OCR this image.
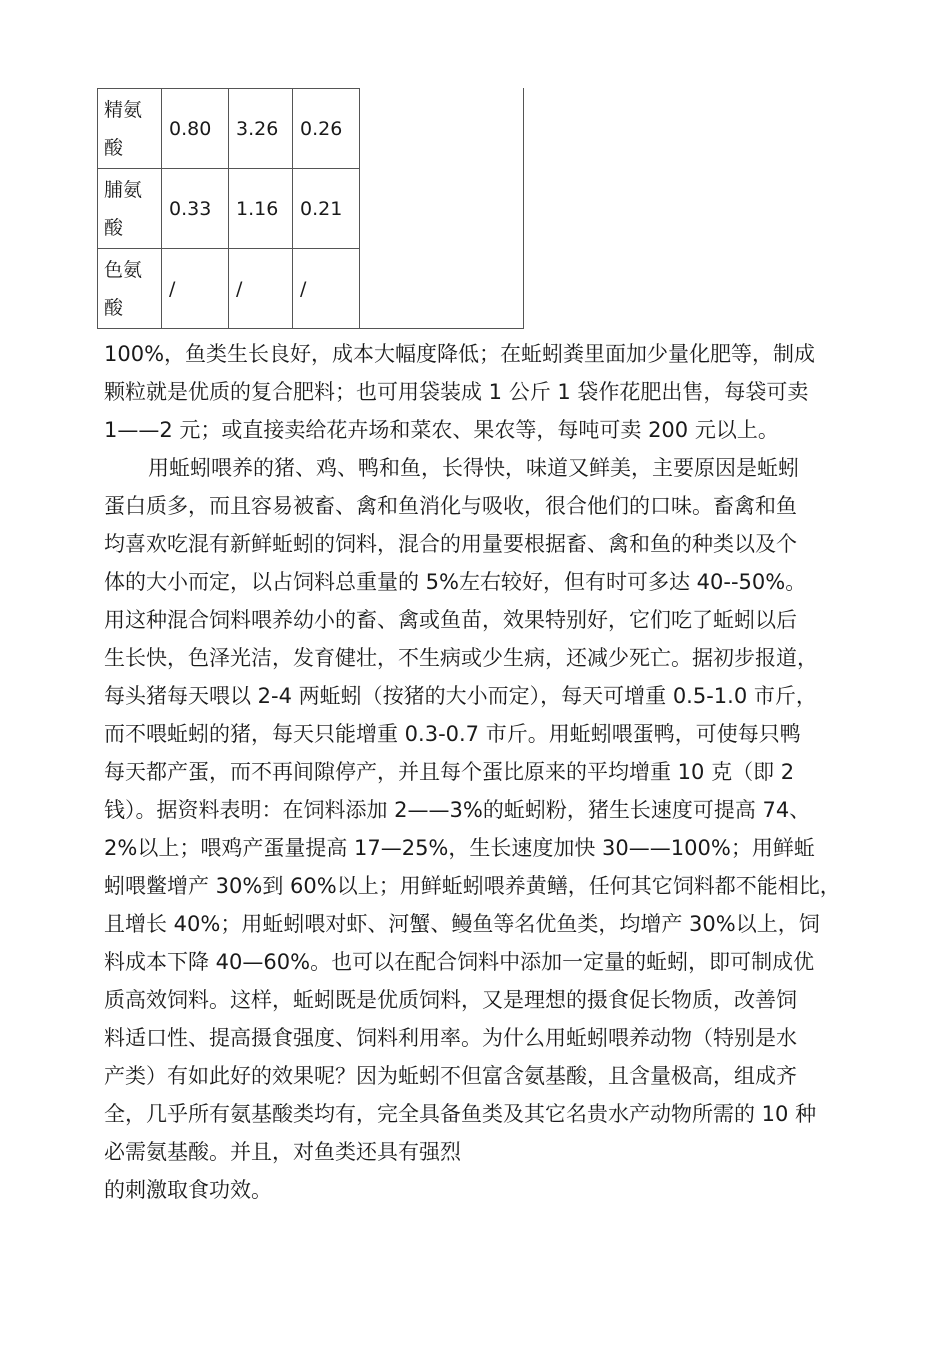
精氨
酸	0.80	3.26	0.26

脯氨
酸	0.33	1.16	0.21

色氨
酸	/	/	/

100%，鱼类生长良好，成本大幅度降低；在蚯蚓粪里面加少量化肥等，制成

颗粒就是优质的复合肥料；也可用袋装成 1 公斤 1 袋作花肥出售，每袋可卖

1——2 元；或直接卖给花卉场和菜农、果农等，每吨可卖 200 元以上。

用蚯蚓喂养的猪、鸡、鸭和鱼，长得快，味道又鲜美，主要原因是蚯蚓

蛋白质多，而且容易被畜、禽和鱼消化与吸收，很合他们的口味。畜禽和鱼

均喜欢吃混有新鲜蚯蚓的饲料，混合的用量要根据畜、禽和鱼的种类以及个

体的大小而定，以占饲料总重量的 5%左右较好，但有时可多达 40--50%。

用这种混合饲料喂养幼小的畜、禽或鱼苗，效果特别好，它们吃了蚯蚓以后

生长快，色泽光洁，发育健壮，不生病或少生病，还减少死亡。据初步报道，

每头猪每天喂以 2-4 两蚯蚓（按猪的大小而定），每天可增重 0.5-1.0 市斤，

而不喂蚯蚓的猪，每天只能增重 0.3-0.7 市斤。用蚯蚓喂蛋鸭，可使每只鸭

每天都产蛋，而不再间隙停产，并且每个蛋比原来的平均增重 10 克（即 2

钱）。据资料表明：在饲料添加 2——3%的蚯蚓粉，猪生长速度可提高 74、

2%以上；喂鸡产蛋量提高 17—25%，生长速度加快 30——100%；用鲜蚯

蚓喂鳖增产 30%到 60%以上；用鲜蚯蚓喂养黄鳝，任何其它饲料都不能相比，

且增长 40%；用蚯蚓喂对虾、河蟹、鳗鱼等名优鱼类，均增产 30%以上，饲

料成本下降 40—60%。也可以在配合饲料中添加一定量的蚯蚓，即可制成优

质高效饲料。这样，蚯蚓既是优质饲料，又是理想的摄食促长物质，改善饲

料适口性、提高摄食强度、饲料利用率。为什么用蚯蚓喂养动物（特别是水

产类）有如此好的效果呢？因为蚯蚓不但富含氨基酸，且含量极高，组成齐

全，几乎所有氨基酸类均有，完全具备鱼类及其它名贵水产动物所需的 10 种

必需氨基酸。并且，对鱼类还具有强烈

的刺激取食功效。
